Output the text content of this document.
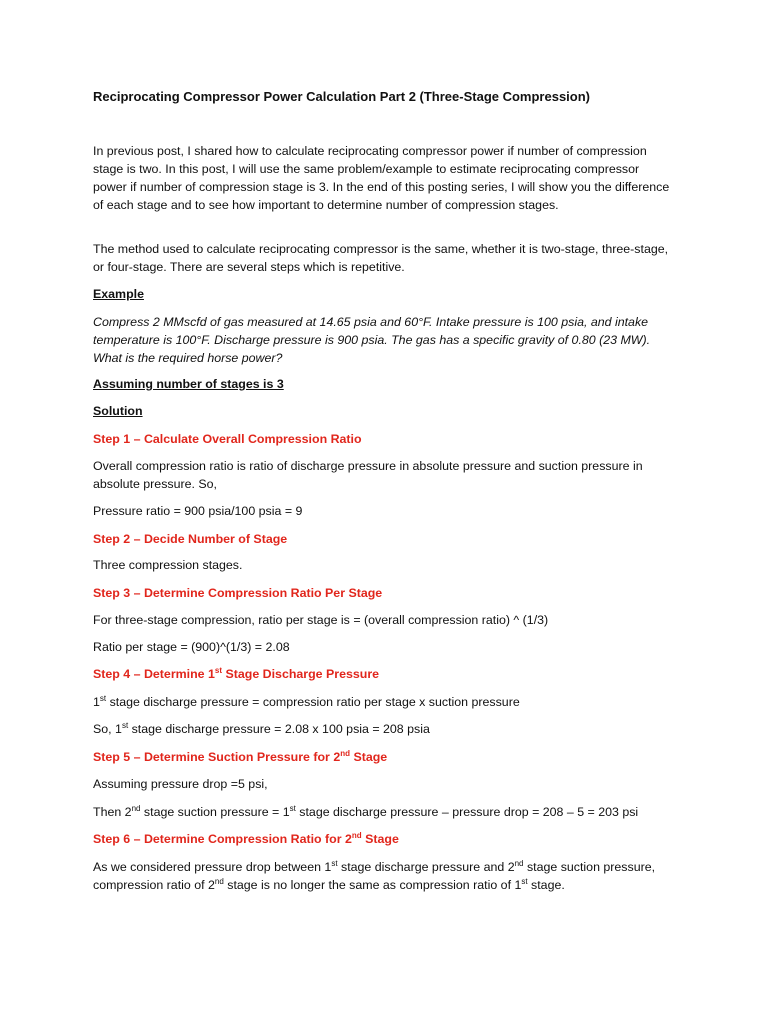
Reciprocating Compressor Power Calculation Part 2 (Three-Stage Compression)

In previous post, I shared how to calculate reciprocating compressor power if number of compression stage is two. In this post, I will use the same problem/example to estimate reciprocating compressor power if number of compression stage is 3. In the end of this posting series, I will show you the difference of each stage and to see how important to determine number of compression stages.

The method used to calculate reciprocating compressor is the same, whether it is two-stage, three-stage, or four-stage. There are several steps which is repetitive.

Example

Compress 2 MMscfd of gas measured at 14.65 psia and 60°F. Intake pressure is 100 psia, and intake temperature is 100°F. Discharge pressure is 900 psia. The gas has a specific gravity of 0.80 (23 MW). What is the required horse power?

Assuming number of stages is 3

Solution

Step 1 – Calculate Overall Compression Ratio

Overall compression ratio is ratio of discharge pressure in absolute pressure and suction pressure in absolute pressure. So,

Pressure ratio = 900 psia/100 psia = 9

Step 2 – Decide Number of Stage

Three compression stages.

Step 3 – Determine Compression Ratio Per Stage

For three-stage compression, ratio per stage is = (overall compression ratio) ^ (1/3)

Ratio per stage = (900)^(1/3) = 2.08

Step 4 – Determine 1st Stage Discharge Pressure

1st stage discharge pressure = compression ratio per stage x suction pressure

So, 1st stage discharge pressure = 2.08 x 100 psia = 208 psia

Step 5 – Determine Suction Pressure for 2nd Stage

Assuming pressure drop =5 psi,

Then 2nd stage suction pressure = 1st stage discharge pressure – pressure drop = 208 – 5 = 203 psi

Step 6 – Determine Compression Ratio for 2nd Stage

As we considered pressure drop between 1st stage discharge pressure and 2nd stage suction pressure, compression ratio of 2nd stage is no longer the same as compression ratio of 1st stage.
